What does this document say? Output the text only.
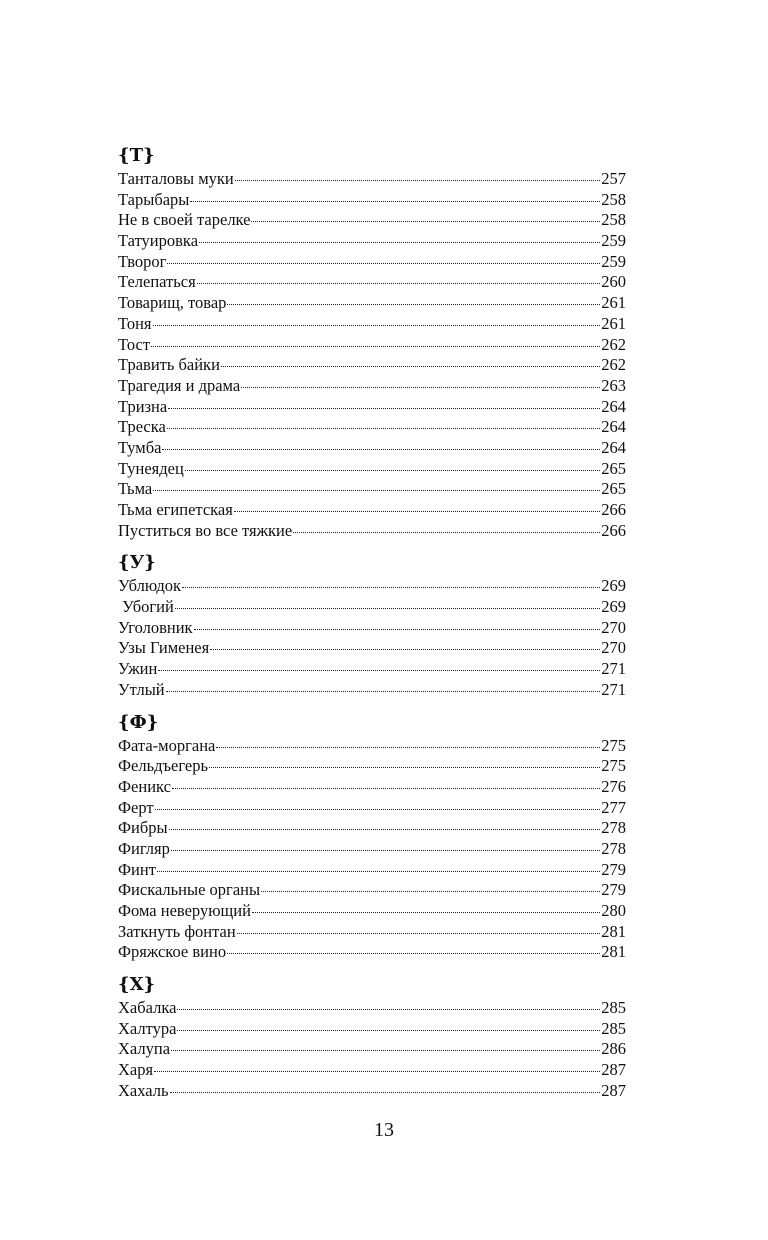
{Т}
Танталовы муки	257
Тарыбары	258
Не в своей тарелке	258
Татуировка	259
Творог	259
Телепаться	260
Товарищ, товар	261
Тоня	261
Тост	262
Травить байки	262
Трагедия и драма	263
Тризна	264
Треска	264
Тумба	264
Тунеядец	265
Тьма	265
Тьма египетская	266
Пуститься во все тяжкие	266
{У}
Ублюдок	269
Убогий	269
Уголовник	270
Узы Гименея	270
Ужин	271
Утлый	271
{Ф}
Фата-моргана	275
Фельдъегерь	275
Феникс	276
Ферт	277
Фибры	278
Фигляр	278
Финт	279
Фискальные органы	279
Фома неверующий	280
Заткнуть фонтан	281
Фряжское вино	281
{Х}
Хабалка	285
Халтура	285
Халупа	286
Харя	287
Хахаль	287
13
